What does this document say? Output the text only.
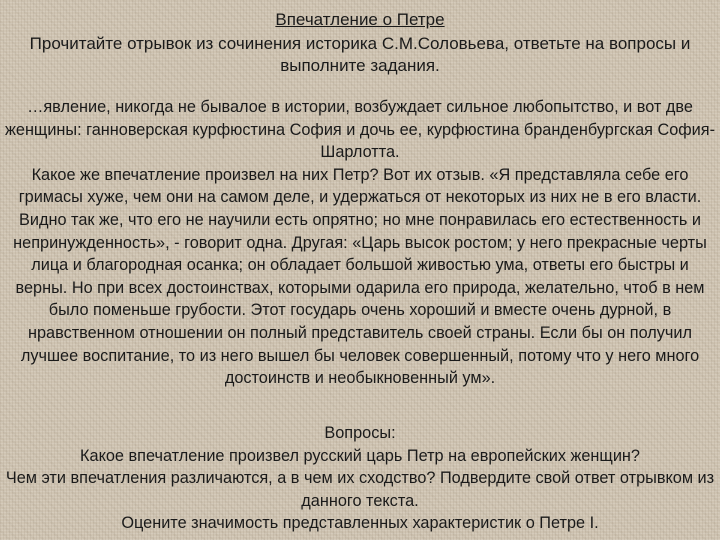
Впечатление о Петре
Прочитайте отрывок из сочинения историка С.М.Соловьева, ответьте на вопросы и выполните задания.

…явление, никогда не бывалое в истории, возбуждает сильное любопытство, и вот две женщины: ганноверская курфюстина София и дочь ее, курфюстина бранденбургская София-Шарлотта.

Какое же впечатление произвел на них Петр? Вот их отзыв. «Я представляла себе его гримасы хуже, чем они на самом деле, и удержаться от некоторых из них не в его власти. Видно так же, что его не научили есть опрятно; но мне понравилась его естественность и непринужденность», - говорит одна. Другая: «Царь высок ростом; у него прекрасные черты лица и благородная осанка; он обладает большой живостью ума, ответы его быстры и верны. Но при всех достоинствах, которыми одарила его природа, желательно, чтоб в нем было поменьше грубости. Этот государь очень хороший и вместе очень дурной, в нравственном отношении он полный представитель своей страны. Если бы он получил лучшее воспитание, то из него вышел бы человек совершенный, потому что у него много достоинств и необыкновенный ум».

Вопросы:

Какое впечатление произвел русский царь Петр на европейских женщин?

Чем эти впечатления различаются, а в чем их сходство? Подвердите свой ответ отрывком из данного текста.

Оцените значимость представленных характеристик о Петре I.
